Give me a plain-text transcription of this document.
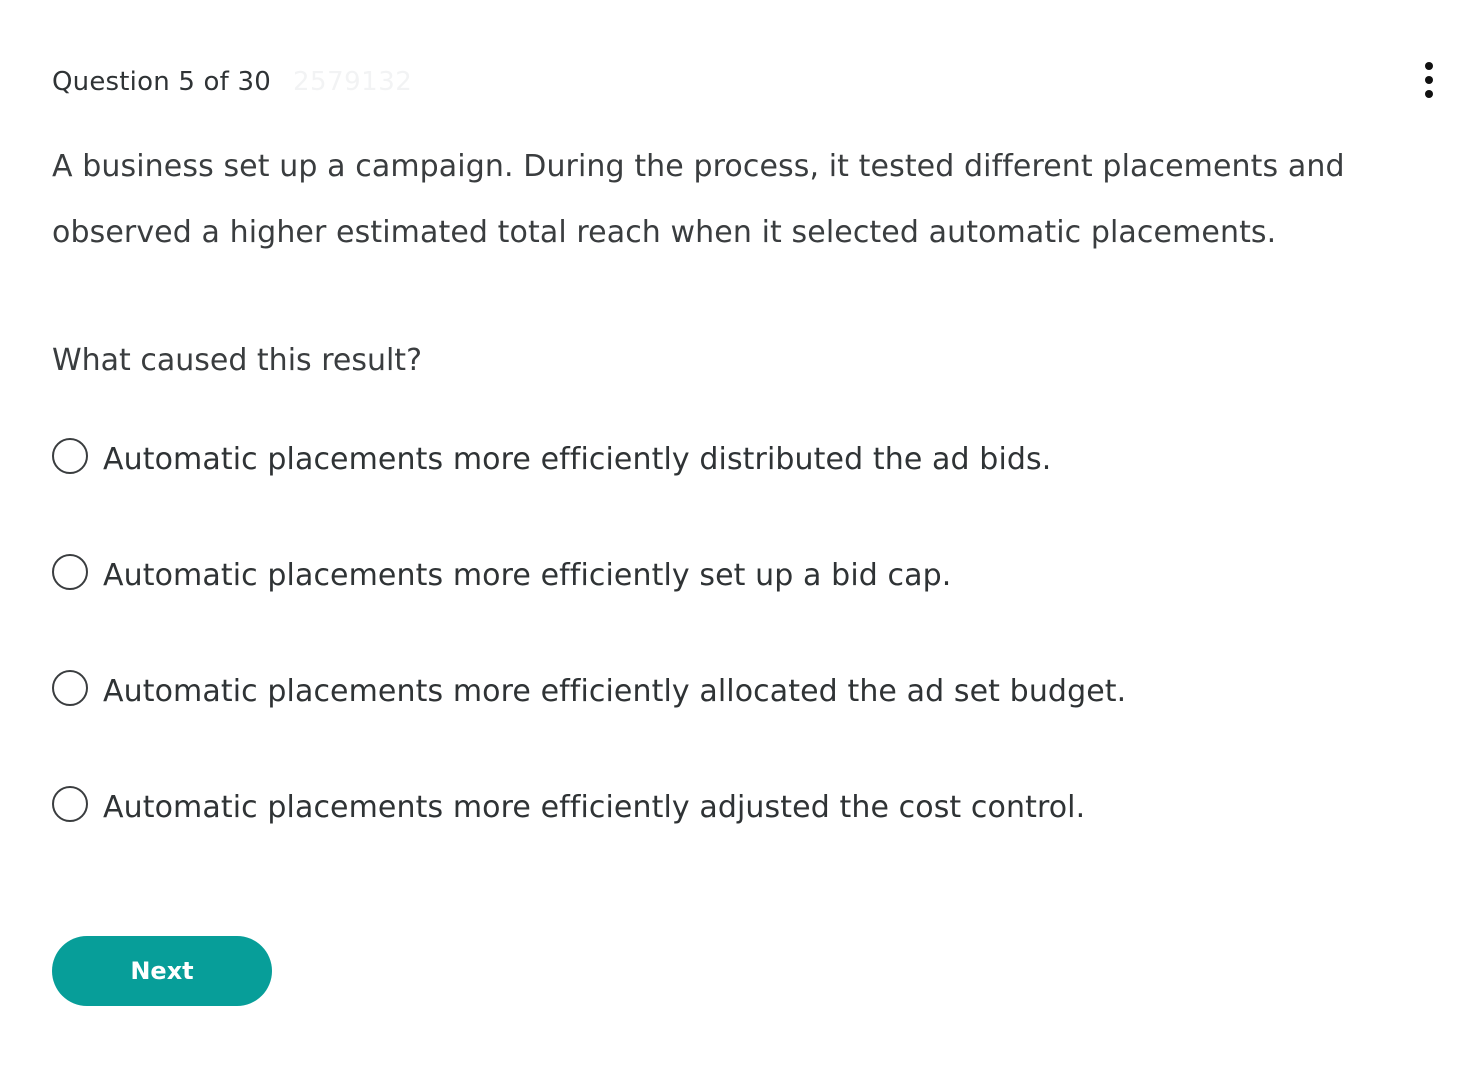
Question 5 of 30 2579132

A business set up a campaign. During the process, it tested different placements and observed a higher estimated total reach when it selected automatic placements.

What caused this result?

Automatic placements more efficiently distributed the ad bids.
Automatic placements more efficiently set up a bid cap.
Automatic placements more efficiently allocated the ad set budget.
Automatic placements more efficiently adjusted the cost control.
Next
